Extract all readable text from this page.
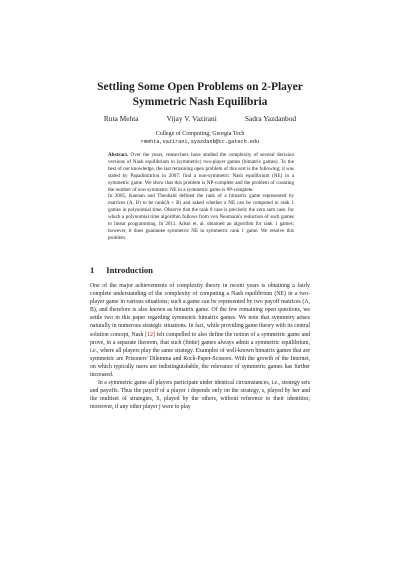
Settling Some Open Problems on 2-Player
Symmetric Nash Equilibria
Ruta Mehta	Vijay V. Vazirani	Sadra Yazdanbod
College of Computing, Georgia Tech
rmehta,vazirani,syazdanb@cc.gatech.edu

Abstract. Over the years, researchers have studied the complexity of several decision versions of Nash equilibrium in (symmetric) two-player games (bimatrix games). To the best of our knowledge, the last remaining open problem of this sort is the following; it was stated by Papadimitriou in 2007: find a non-symmetric Nash equilibrium (NE) in a symmetric game. We show that this problem is NP-complete and the problem of counting the number of non-symmetric NE in a symmetric game is #P-complete.

In 2005, Kannan and Theobald defined the rank of a bimatrix game represented by matrices (A, B) to be rank(A + B) and asked whether a NE can be computed in rank 1 games in polynomial time. Observe that the rank 0 case is precisely the zero sum case, for which a polynomial time algorithm follows from von Neumann's reduction of such games to linear programming. In 2011, Adsul et. al. obtained an algorithm for rank 1 games; however, it does guarantee symmetric NE in symmetric rank 1 game. We resolve this problem.

1 Introduction

One of the major achievements of complexity theory in recent years is obtaining a fairly complete understanding of the complexity of computing a Nash equilibrium (NE) in a two-player game in various situations; such a game can be represented by two payoff matrices (A, B), and therefore is also known as bimatrix game. Of the few remaining open questions, we settle two in this paper regarding symmetric bimatrix games. We note that symmetry arises naturally in numerous strategic situations. In fact, while providing game theory with its central solution concept, Nash [12] felt compelled to also define the notion of a symmetric game and prove, in a separate theorem, that such (finite) games always admit a symmetric equilibrium, i.e., where all players play the same strategy. Examples of well-known bimatrix games that are symmetric are Prisoners' Dilemma and Rock-Paper-Scissors. With the growth of the Internet, on which typically users are indistinguishable, the relevance of symmetric games has further increased.

In a symmetric game all players participate under identical circumstances, i.e., strategy sets and payoffs. Thus the payoff of a player i depends only on the strategy, s, played by her and the multiset of strategies, S, played by the others, without reference to their identities; moreover, if any other player j were to play
